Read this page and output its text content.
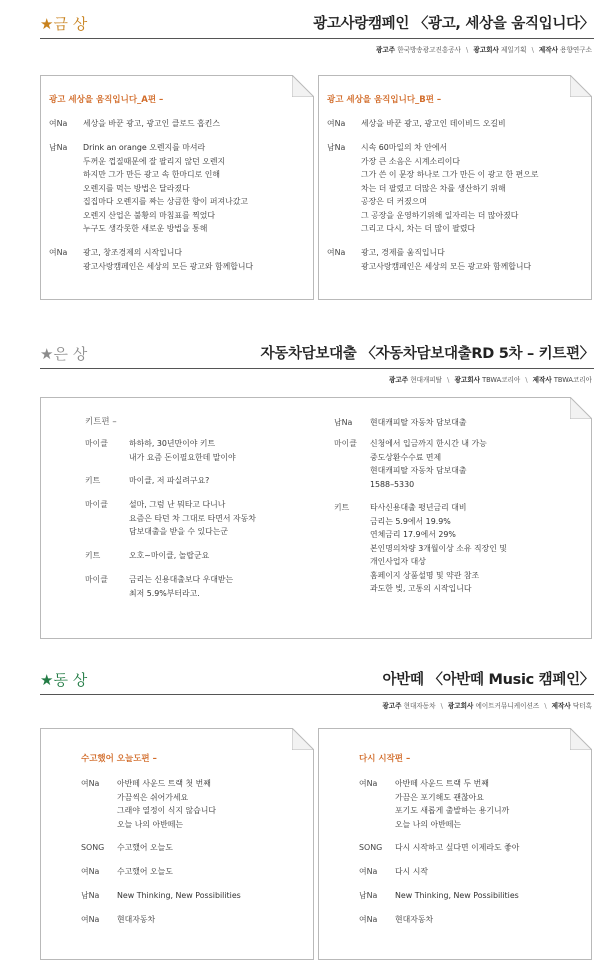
★금 상	광고사랑캠페인 〈광고, 세상을 움직입니다〉
광고주 한국방송광고진흥공사 \ 광고회사 제일기획 \ 제작사 용향연구소
광고 세상을 움직입니다_A편 –
여Na	세상을 바꾼 광고, 광고인 클로드 홉킨스
남Na	Drink an orange 오렌지를 마셔라
두꺼운 껍질때문에 잘 팔리지 않던 오렌지
하지만 그가 만든 광고 속 한마디로 인해
오렌지를 먹는 방법은 달라졌다
집집마다 오렌지를 짜는 상큼한 향이 퍼져나갔고
오렌지 산업은 불황의 마침표를 찍었다
누구도 생각못한 새로운 방법을 통해
여Na	광고, 창조경제의 시작입니다
광고사랑캠페인은 세상의 모든 광고와 함께합니다
광고 세상을 움직입니다_B편 –
여Na	세상을 바꾼 광고, 광고인 데이비드 오길비
남Na	시속 60마일의 차 안에서
가장 큰 소음은 시계소리이다
그가 쓴 이 문장 하나로 그가 만든 이 광고 한 편으로
차는 더 팔렸고 더많은 차를 생산하기 위해
공장은 더 커졌으며
그 공장을 운영하기위해 일자리는 더 많아졌다
그리고 다시, 차는 더 많이 팔렸다
여Na	광고, 경제를 움직입니다
광고사랑캠페인은 세상의 모든 광고와 함께합니다
★은 상	자동차담보대출 〈자동차담보대출RD 5차 – 키트편〉
광고주 현대캐피탈 \ 광고회사 TBWA코리아 \ 제작사 TBWA코리아
키트편 –
마이클	하하하, 30년만이야 키트
내가 요즘 돈이필요한데 말이야
키트	마이클, 저 파실려구요?
마이클	설마, 그럼 난 뭐타고 다니나
요즘은 타던 차 그대로 타면서 자동차
담보대출을 받을 수 있다는군
키트	오호~마이클, 놀랍군요
마이클	금리는 신용대출보다 우대받는
최저 5.9%부터라고.
남Na	현대캐피탈 자동차 담보대출
마이클	신청에서 입금까지 한시간 내 가능
중도상환수수료 면제
현대캐피탈 자동차 담보대출
1588–5330
키트	타사신용대출 평년금리 대비
금리는 5.9에서 19.9%
연체금리 17.9에서 29%
본인명의차량 3개월이상 소유 직장인 및
개인사업자 대상
홈페이지 상품설명 및 약관 참조
과도한 빚, 고통의 시작입니다
★동 상	아반떼 〈아반떼 Music 캠페인〉
광고주 현대자동차 \ 광고회사 에이트커뮤니케이션즈 \ 제작사 닥터혹
수고했어 오늘도편 –
여Na	아반떼 사운드 트랙 첫 번째
가끔씩은 쉬어가세요
그래야 열정이 식지 않습니다
오늘 나의 아반떼는
SONG	수고했어 오늘도
여Na	수고했어 오늘도
남Na	New Thinking, New Possibilities
여Na	현대자동차
다시 시작편 –
여Na	아반떼 사운드 트랙 두 번째
가끔은 포기해도 괜찮아요
포기도 새롭게 출발하는 용기니까
오늘 나의 아반떼는
SONG	다시 시작하고 싶다면 이제라도 좋아
여Na	다시 시작
남Na	New Thinking, New Possibilities
여Na	현대자동차
